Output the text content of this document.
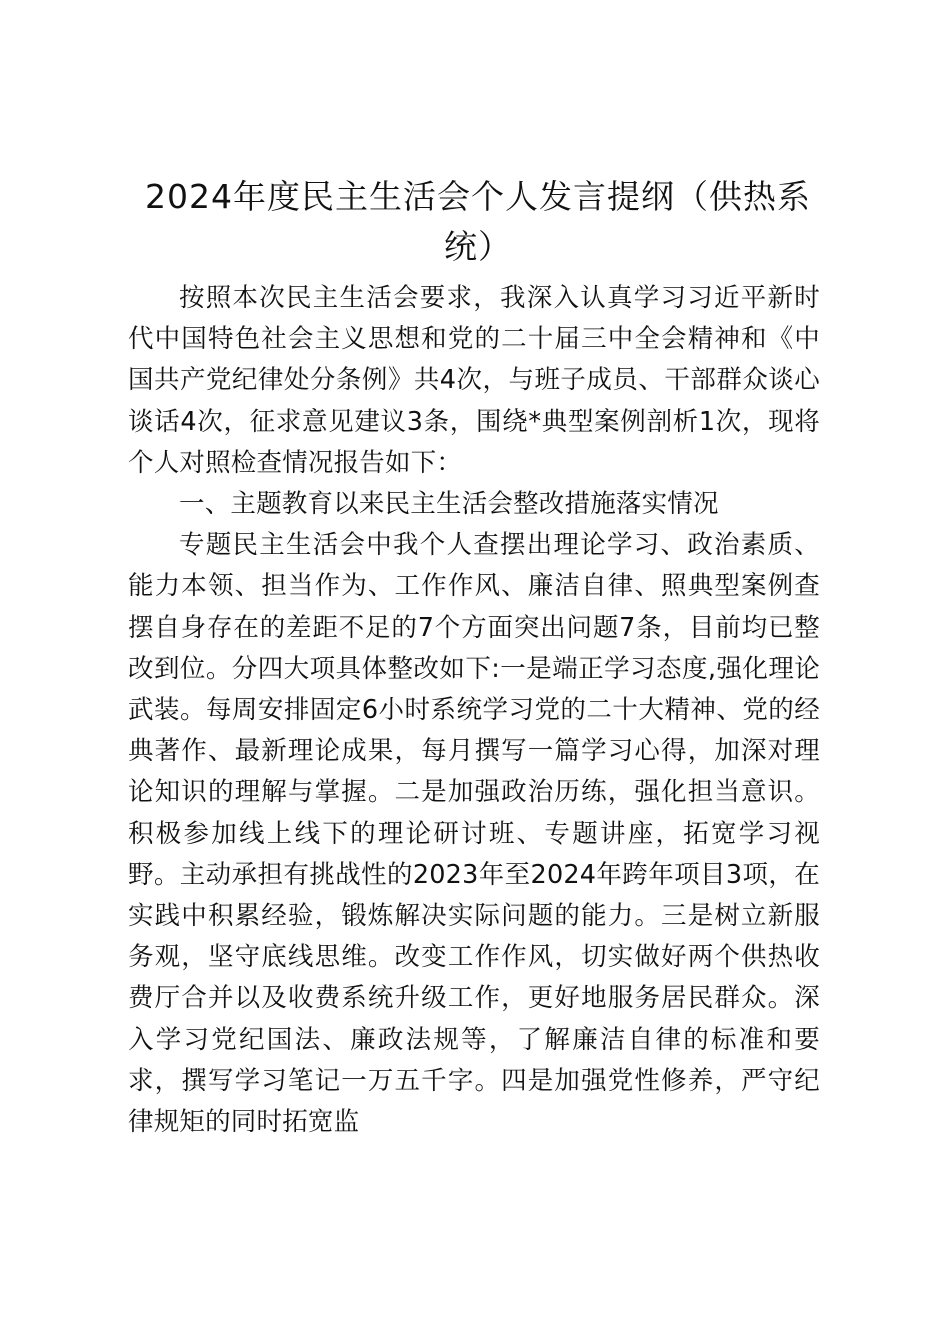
2024年度民主生活会个人发言提纲（供热系统）

按照本次民主生活会要求，我深入认真学习习近平新时代中国特色社会主义思想和党的二十届三中全会精神和《中国共产党纪律处分条例》共4次，与班子成员、干部群众谈心谈话4次，征求意见建议3条，围绕*典型案例剖析1次，现将个人对照检查情况报告如下：

一、主题教育以来民主生活会整改措施落实情况

专题民主生活会中我个人查摆出理论学习、政治素质、能力本领、担当作为、工作作风、廉洁自律、照典型案例查摆自身存在的差距不足的7个方面突出问题7条，目前均已整改到位。分四大项具体整改如下:一是端正学习态度,强化理论武装。每周安排固定6小时系统学习党的二十大精神、党的经典著作、最新理论成果，每月撰写一篇学习心得，加深对理论知识的理解与掌握。二是加强政治历练，强化担当意识。积极参加线上线下的理论研讨班、专题讲座，拓宽学习视野。主动承担有挑战性的2023年至2024年跨年项目3项，在实践中积累经验，锻炼解决实际问题的能力。三是树立新服务观，坚守底线思维。改变工作作风，切实做好两个供热收费厅合并以及收费系统升级工作，更好地服务居民群众。深入学习党纪国法、廉政法规等，了解廉洁自律的标准和要求，撰写学习笔记一万五千字。四是加强党性修养，严守纪律规矩的同时拓宽监
